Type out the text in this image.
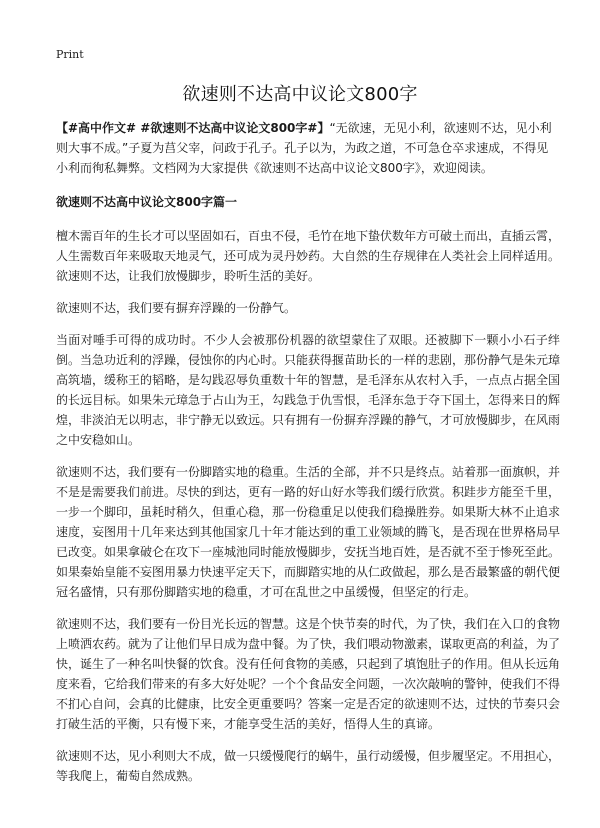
Print
欲速则不达高中议论文800字

【#高中作文# #欲速则不达高中议论文800字#】“无欲速，无见小利，欲速则不达，见小利则大事不成。”子夏为莒父宰，问政于孔子。孔子以为，为政之道，不可急仓卒求速成，不得见小利而徇私舞弊。文档网为大家提供《欲速则不达高中议论文800字》，欢迎阅读。

欲速则不达高中议论文800字篇一

檀木需百年的生长才可以坚固如石，百虫不侵，毛竹在地下蛰伏数年方可破土而出，直插云霄，人生需数百年来吸取天地灵气，还可成为灵丹妙药。大自然的生存规律在人类社会上同样适用。欲速则不达，让我们放慢脚步，聆听生活的美好。

欲速则不达，我们要有摒弃浮躁的一份静气。

当面对唾手可得的成功时。不少人会被那份机器的欲望蒙住了双眼。还被脚下一颗小小石子绊倒。当急功近利的浮躁，侵蚀你的内心时。只能获得揠苗助长的一样的悲剧，那份静气是朱元璋高筑墙，缓称王的韬略，是勾践忍辱负重数十年的智慧，是毛泽东从农村入手，一点点占据全国的长远目标。如果朱元璋急于占山为王，勾践急于仇雪恨，毛泽东急于夺下国土，怎得来日的辉煌，非淡泊无以明志，非宁静无以致远。只有拥有一份摒弃浮躁的静气，才可放慢脚步，在风雨之中安稳如山。

欲速则不达，我们要有一份脚踏实地的稳重。生活的全部，并不只是终点。站着那一面旗帜，并不是是需要我们前进。尽快的到达，更有一路的好山好水等我们缓行欣赏。积跬步方能至千里，一步一个脚印，虽耗时稍久，但重心稳，那一份稳重足以使我们稳操胜券。如果斯大林不止追求速度，妄图用十几年来达到其他国家几十年才能达到的重工业领域的腾飞，是否现在世界格局早已改变。如果拿破仑在攻下一座城池同时能放慢脚步，安抚当地百姓，是否就不至于惨死至此。如果秦始皇能不妄图用暴力快速平定天下，而脚踏实地的从仁政做起，那么是否最繁盛的朝代便冠名盛情，只有那份脚踏实地的稳重，才可在乱世之中虽缓慢，但坚定的行走。

欲速则不达，我们要有一份目光长远的智慧。这是个快节奏的时代，为了快，我们在入口的食物上喷洒农药。就为了让他们早日成为盘中餐。为了快，我们喂动物激素，谋取更高的利益，为了快，诞生了一种名叫快餐的饮食。没有任何食物的美感，只起到了填饱肚子的作用。但从长远角度来看，它给我们带来的有多大好处呢？一个个食品安全问题，一次次敲响的警钟，使我们不得不扪心自问，会真的比健康，比安全更重要吗？答案一定是否定的欲速则不达，过快的节奏只会打破生活的平衡，只有慢下来，才能享受生活的美好，悟得人生的真谛。

欲速则不达，见小利则大不成，做一只缓慢爬行的蜗牛，虽行动缓慢，但步履坚定。不用担心，等我爬上，葡萄自然成熟。
